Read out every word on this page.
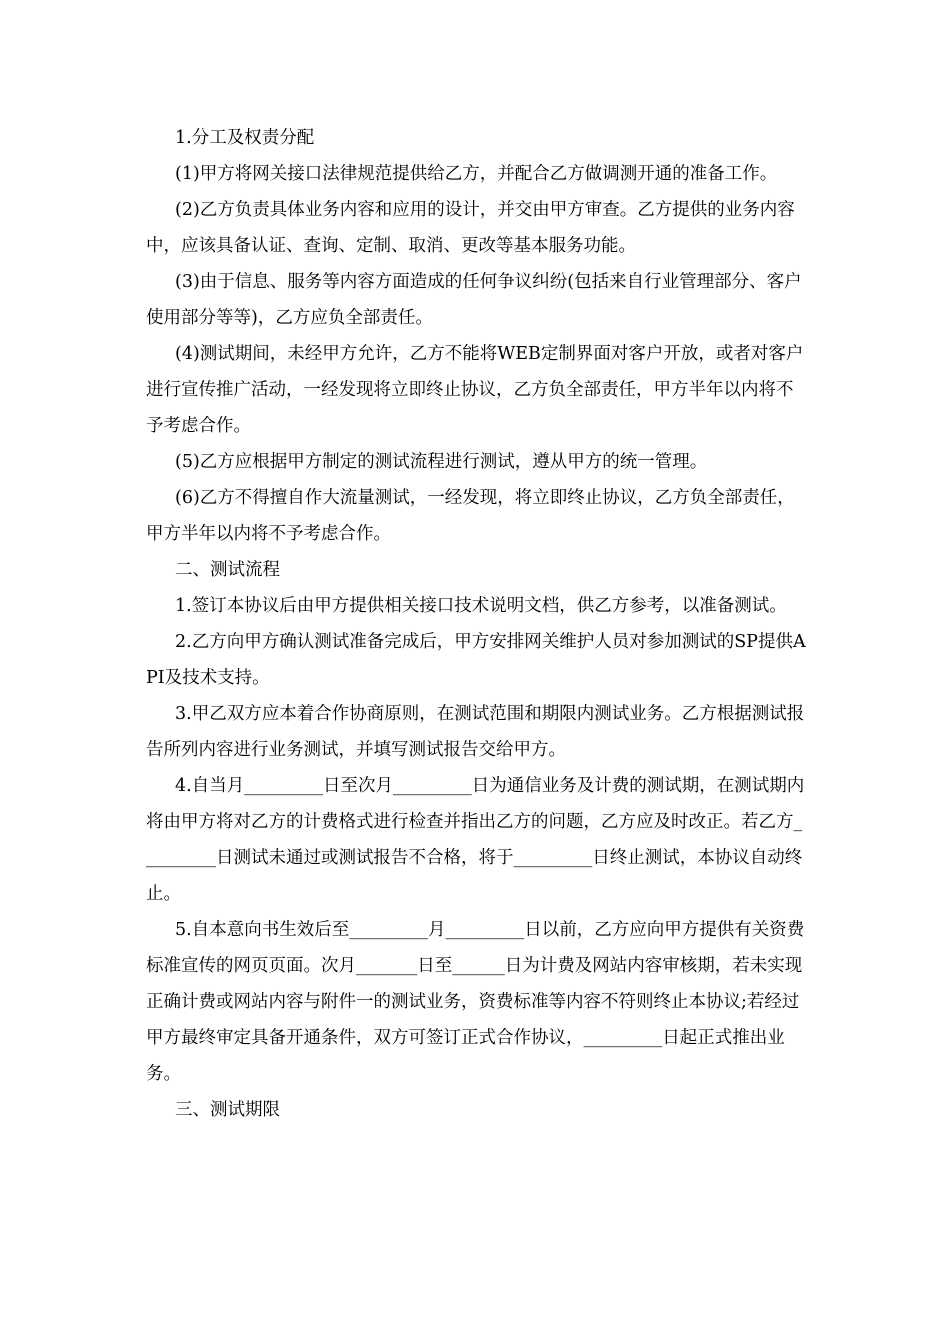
1.分工及权责分配

(1)甲方将网关接口法律规范提供给乙方，并配合乙方做调测开通的准备工作。

(2)乙方负责具体业务内容和应用的设计，并交由甲方审查。乙方提供的业务内容中，应该具备认证、查询、定制、取消、更改等基本服务功能。

(3)由于信息、服务等内容方面造成的任何争议纠纷(包括来自行业管理部分、客户使用部分等等)，乙方应负全部责任。

(4)测试期间，未经甲方允许，乙方不能将WEB定制界面对客户开放，或者对客户进行宣传推广活动，一经发现将立即终止协议，乙方负全部责任，甲方半年以内将不予考虑合作。

(5)乙方应根据甲方制定的测试流程进行测试，遵从甲方的统一管理。

(6)乙方不得擅自作大流量测试，一经发现，将立即终止协议，乙方负全部责任，甲方半年以内将不予考虑合作。

二、测试流程

1.签订本协议后由甲方提供相关接口技术说明文档，供乙方参考，以准备测试。

2.乙方向甲方确认测试准备完成后，甲方安排网关维护人员对参加测试的SP提供API及技术支持。

3.甲乙双方应本着合作协商原则，在测试范围和期限内测试业务。乙方根据测试报告所列内容进行业务测试，并填写测试报告交给甲方。

4.自当月_________日至次月_________日为通信业务及计费的测试期，在测试期内将由甲方将对乙方的计费格式进行检查并指出乙方的问题，乙方应及时改正。若乙方_________日测试未通过或测试报告不合格，将于_________日终止测试，本协议自动终止。

5.自本意向书生效后至_________月_________日以前，乙方应向甲方提供有关资费标准宣传的网页页面。次月_______日至______日为计费及网站内容审核期，若未实现正确计费或网站内容与附件一的测试业务，资费标准等内容不符则终止本协议;若经过甲方最终审定具备开通条件，双方可签订正式合作协议，_________日起正式推出业务。

三、测试期限
